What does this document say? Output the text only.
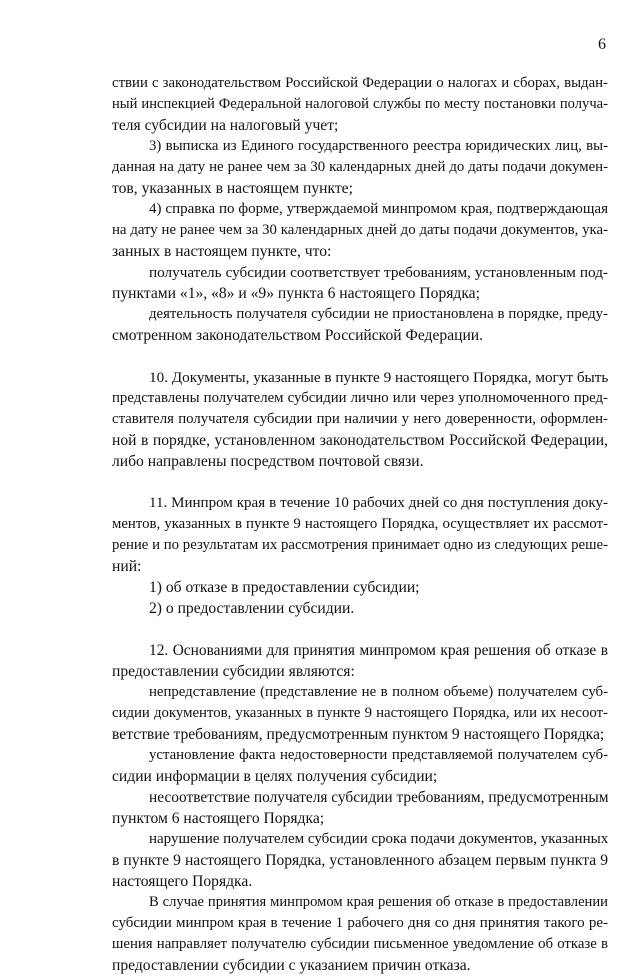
6

ствии с законодательством Российской Федерации о налогах и сборах, выдан-
ный инспекцией Федеральной налоговой службы по месту постановки получа-
теля субсидии на налоговый учет;

3) выписка из Единого государственного реестра юридических лиц, вы-
данная на дату не ранее чем за 30 календарных дней до даты подачи докумен-
тов, указанных в настоящем пункте;

4) справка по форме, утверждаемой минпромом края, подтверждающая
на дату не ранее чем за 30 календарных дней до даты подачи документов, ука-
занных в настоящем пункте, что:

получатель субсидии соответствует требованиям, установленным под-
пунктами «1», «8» и «9» пункта 6 настоящего Порядка;

деятельность получателя субсидии не приостановлена в порядке, преду-
смотренном законодательством Российской Федерации.

10. Документы, указанные в пункте 9 настоящего Порядка, могут быть
представлены получателем субсидии лично или через уполномоченного пред-
ставителя получателя субсидии при наличии у него доверенности, оформлен-
ной в порядке, установленном законодательством Российской Федерации,
либо направлены посредством почтовой связи.

11. Минпром края в течение 10 рабочих дней со дня поступления доку-
ментов, указанных в пункте 9 настоящего Порядка, осуществляет их рассмот-
рение и по результатам их рассмотрения принимает одно из следующих реше-
ний:

1) об отказе в предоставлении субсидии;

2) о предоставлении субсидии.

12. Основаниями для принятия минпромом края решения об отказе в
предоставлении субсидии являются:

непредставление (представление не в полном объеме) получателем суб-
сидии документов, указанных в пункте 9 настоящего Порядка, или их несоот-
ветствие требованиям, предусмотренным пунктом 9 настоящего Порядка;

установление факта недостоверности представляемой получателем суб-
сидии информации в целях получения субсидии;

несоответствие получателя субсидии требованиям, предусмотренным
пунктом 6 настоящего Порядка;

нарушение получателем субсидии срока подачи документов, указанных
в пункте 9 настоящего Порядка, установленного абзацем первым пункта 9
настоящего Порядка.

В случае принятия минпромом края решения об отказе в предоставлении
субсидии минпром края в течение 1 рабочего дня со дня принятия такого ре-
шения направляет получателю субсидии письменное уведомление об отказе в
предоставлении субсидии с указанием причин отказа.
